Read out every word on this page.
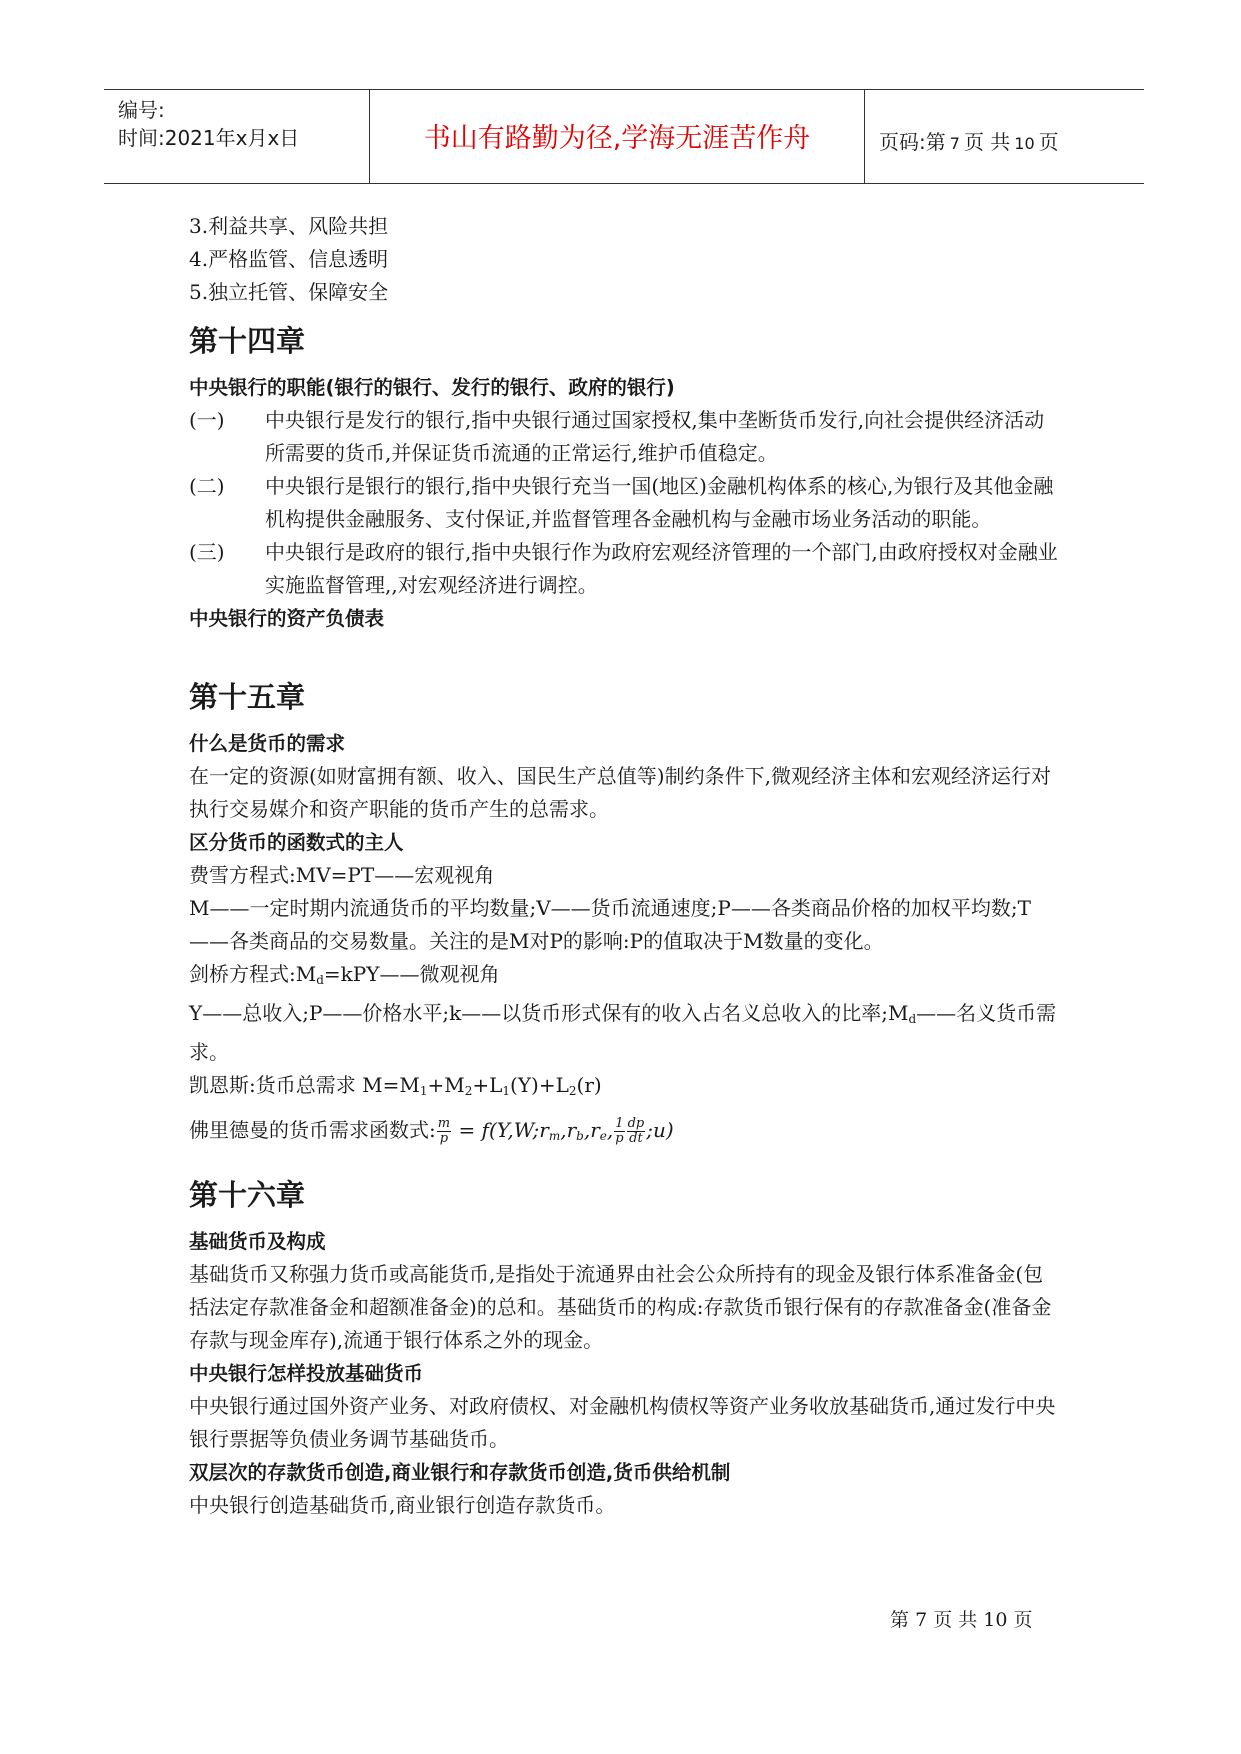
编号:
时间:2021年x月x日	书山有路勤为径,学海无涯苦作舟	页码:第 7 页 共 10 页

3.利益共享、风险共担

4.严格监管、信息透明

5.独立托管、保障安全

第十四章

中央银行的职能(银行的银行、发行的银行、政府的银行)

(一) 中央银行是发行的银行,指中央银行通过国家授权,集中垄断货币发行,向社会提供经济活动所需要的货币,并保证货币流通的正常运行,维护币值稳定。
(二) 中央银行是银行的银行,指中央银行充当一国(地区)金融机构体系的核心,为银行及其他金融机构提供金融服务、支付保证,并监督管理各金融机构与金融市场业务活动的职能。
(三) 中央银行是政府的银行,指中央银行作为政府宏观经济管理的一个部门,由政府授权对金融业实施监督管理,,对宏观经济进行调控。

中央银行的资产负债表

第十五章

什么是货币的需求

在一定的资源(如财富拥有额、收入、国民生产总值等)制约条件下,微观经济主体和宏观经济运行对执行交易媒介和资产职能的货币产生的总需求。

区分货币的函数式的主人

费雪方程式:MV=PT——宏观视角

M——一定时期内流通货币的平均数量;V——货币流通速度;P——各类商品价格的加权平均数;T——各类商品的交易数量。关注的是M对P的影响:P的值取决于M数量的变化。

剑桥方程式$:M_d=kPY——$微观视角

Y——总收入;P——价格水平;k——以货币形式保有的收入占名义总收入的比率$;M_d——$名义货币需求。

凯恩斯:货币总需求 $M=M_1+M_2+L_1(Y)+L_2(r)$

佛里德曼的货币需求函数式: $\frac{m}{p}$ = $f(Y,W;r_m,r_b,r_e$, $\frac{1}{p} \frac{dp}{dt}$ ;u)

第十六章

基础货币及构成

基础货币又称强力货币或高能货币,是指处于流通界由社会公众所持有的现金及银行体系准备金(包括法定存款准备金和超额准备金)的总和。基础货币的构成:存款货币银行保有的存款准备金(准备金存款与现金库存),流通于银行体系之外的现金。

中央银行怎样投放基础货币

中央银行通过国外资产业务、对政府债权、对金融机构债权等资产业务收放基础货币,通过发行中央银行票据等负债业务调节基础货币。

双层次的存款货币创造,商业银行和存款货币创造,货币供给机制

中央银行创造基础货币,商业银行创造存款货币。

第 7 页 共 10 页
